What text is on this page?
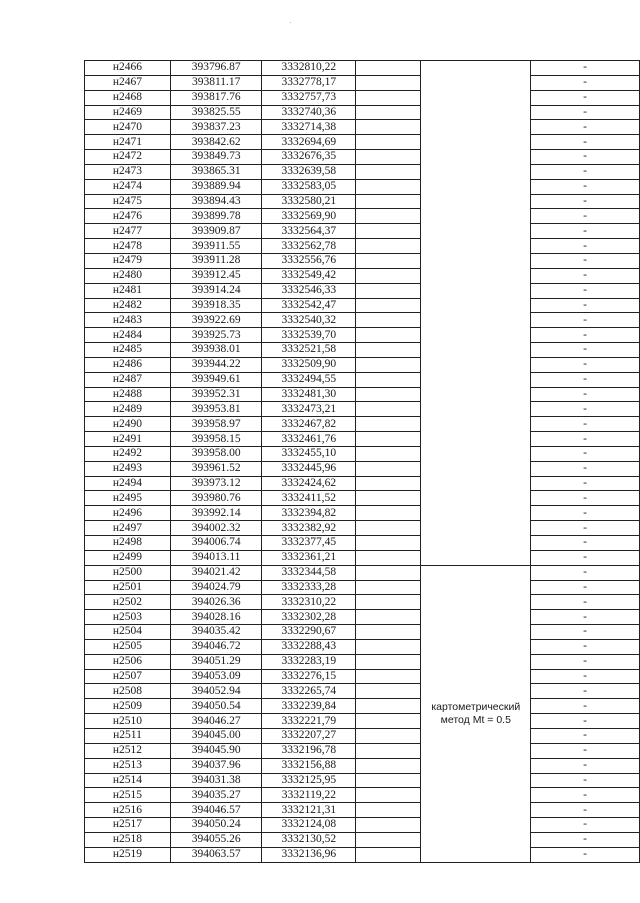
н2466	393796.87	3332810,22			-
н2467	393811.17	3332778,17			-
н2468	393817.76	3332757,73			-
н2469	393825.55	3332740,36			-
н2470	393837.23	3332714,38			-
н2471	393842.62	3332694,69			-
н2472	393849.73	3332676,35			-
н2473	393865.31	3332639,58			-
н2474	393889.94	3332583,05			-
н2475	393894.43	3332580,21			-
н2476	393899.78	3332569,90			-
н2477	393909.87	3332564,37			-
н2478	393911.55	3332562,78			-
н2479	393911.28	3332556,76			-
н2480	393912.45	3332549,42			-
н2481	393914.24	3332546,33			-
н2482	393918.35	3332542,47			-
н2483	393922.69	3332540,32			-
н2484	393925.73	3332539,70			-
н2485	393938.01	3332521,58			-
н2486	393944.22	3332509,90			-
н2487	393949.61	3332494,55			-
н2488	393952.31	3332481,30			-
н2489	393953.81	3332473,21			-
н2490	393958.97	3332467,82			-
н2491	393958.15	3332461,76			-
н2492	393958.00	3332455,10			-
н2493	393961.52	3332445,96			-
н2494	393973.12	3332424,62			-
н2495	393980.76	3332411,52			-
н2496	393992.14	3332394,82			-
н2497	394002.32	3332382,92			-
н2498	394006.74	3332377,45			-
н2499	394013.11	3332361,21			-
н2500	394021.42	3332344,58		картометрический метод Mt = 0.5	-
н2501	394024.79	3332333,28			-
н2502	394026.36	3332310,22			-
н2503	394028.16	3332302,28			-
н2504	394035.42	3332290,67			-
н2505	394046.72	3332288,43			-
н2506	394051.29	3332283,19			-
н2507	394053.09	3332276,15			-
н2508	394052.94	3332265,74			-
н2509	394050.54	3332239,84			-
н2510	394046.27	3332221,79			-
н2511	394045.00	3332207,27			-
н2512	394045.90	3332196,78			-
н2513	394037.96	3332156,88			-
н2514	394031.38	3332125,95			-
н2515	394035.27	3332119,22			-
н2516	394046.57	3332121,31			-
н2517	394050.24	3332124,08			-
н2518	394055.26	3332130,52			-
н2519	394063.57	3332136,96			-
